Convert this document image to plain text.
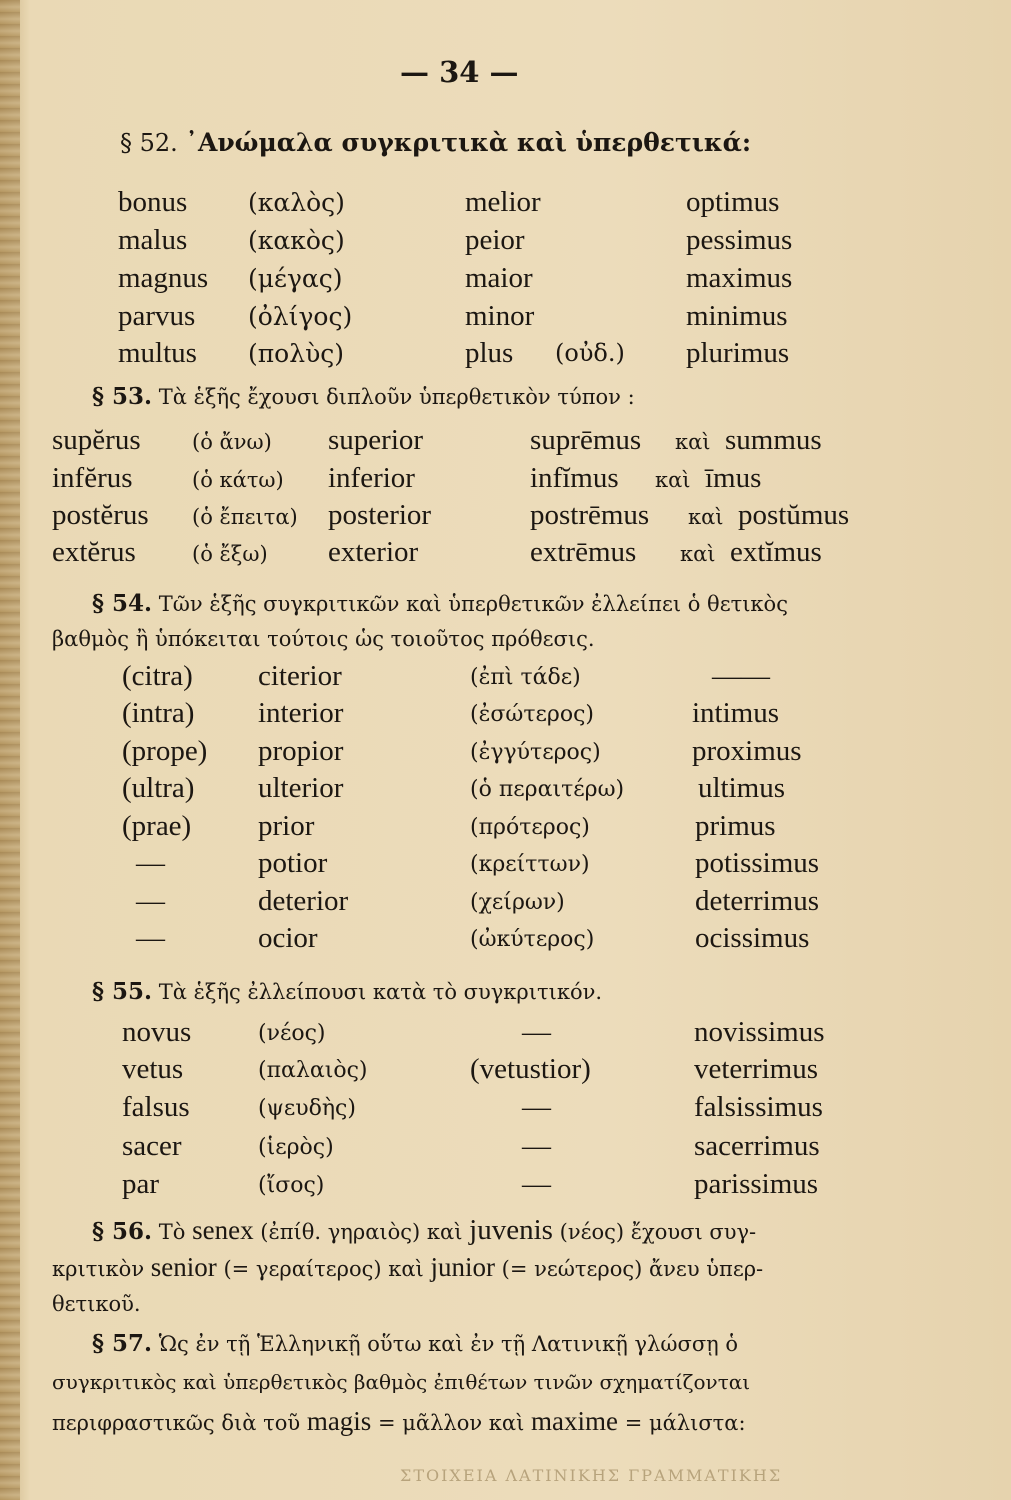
— 34 —
§ 52. ᾿Ανώμαλα συγκριτικὰ καὶ ὑπερθετικά:
bonus (καλὸς)	melior	optimus
malus (κακὸς)	peior	pessimus
magnus (μέγας)	maior	maximus
parvus (ὀλίγος)	minor	minimus
multus (πολὺς)	plus (οὐδ.) plurimus
§ 53. Τὰ ἑξῆς ἔχουσι διπλοῦν ὑπερθετικὸν τύπον :
supĕrus (ὁ ἄνω) superior	suprēmus καὶ summus
infĕrus	(ὁ κάτω) inferior	infĭmus καὶ īmus
postĕrus (ὁ ἔπειτα) posterior	postrēmus καὶ postŭmus
extĕrus	(ὁ ἔξω) exterior	extrēmus καὶ extĭmus
§ 54. Τῶν ἑξῆς συγκριτικῶν καὶ ὑπερθετικῶν ἐλλείπει ὁ θετικὸς
βαθμὸς ἢ ὑπόκειται τούτοις ὡς τοιοῦτος πρόθεσις.
(citra) citerior	(ἐπὶ τάδε)	——
(intra) interior	(ἐσώτερος)	intimus
(prope) propior	(ἐγγύτερος)	proximus
(ultra) ulterior	(ὁ περαιτέρω)	ultimus
(prae) prior	(πρότερος)	primus
—	potior	(κρείττων)	potissimus
—	deterior	(χείρων)	deterrimus
—	ocior	(ὠκύτερος)	ocissimus
§ 55. Τὰ ἑξῆς ἐλλείπουσι κατὰ τὸ συγκριτικόν.
novus	(νέος)	—	novissimus
vetus	(παλαιὸς)	(vetustior)	veterrimus
falsus	(ψευδὴς)	—	falsissimus
sacer	(ἱερὸς)	—	sacerrimus
par	(ἴσος)	—	parissimus
§ 56. Τὸ senex (ἐπίθ. γηραιὸς) καὶ juvenis (νέος) ἔχουσι συγ-
κριτικὸν senior (= γεραίτερος) καὶ junior (= νεώτερος) ἄνευ ὑπερ-
θετικοῦ.
§ 57. Ὡς ἐν τῇ Ἑλληνικῇ οὕτω καὶ ἐν τῇ Λατινικῇ γλώσσῃ ὁ
συγκριτικὸς καὶ ὑπερθετικὸς βαθμὸς ἐπιθέτων τινῶν σχηματίζονται
περιφραστικῶς διὰ τοῦ magis = μᾶλλον καὶ maxime = μάλιστα:
ΣΤΟΙΧΕΙΑ ΛΑΤΙΝΙΚΗΣ ΓΡΑΜΜΑΤΙΚΗΣ
